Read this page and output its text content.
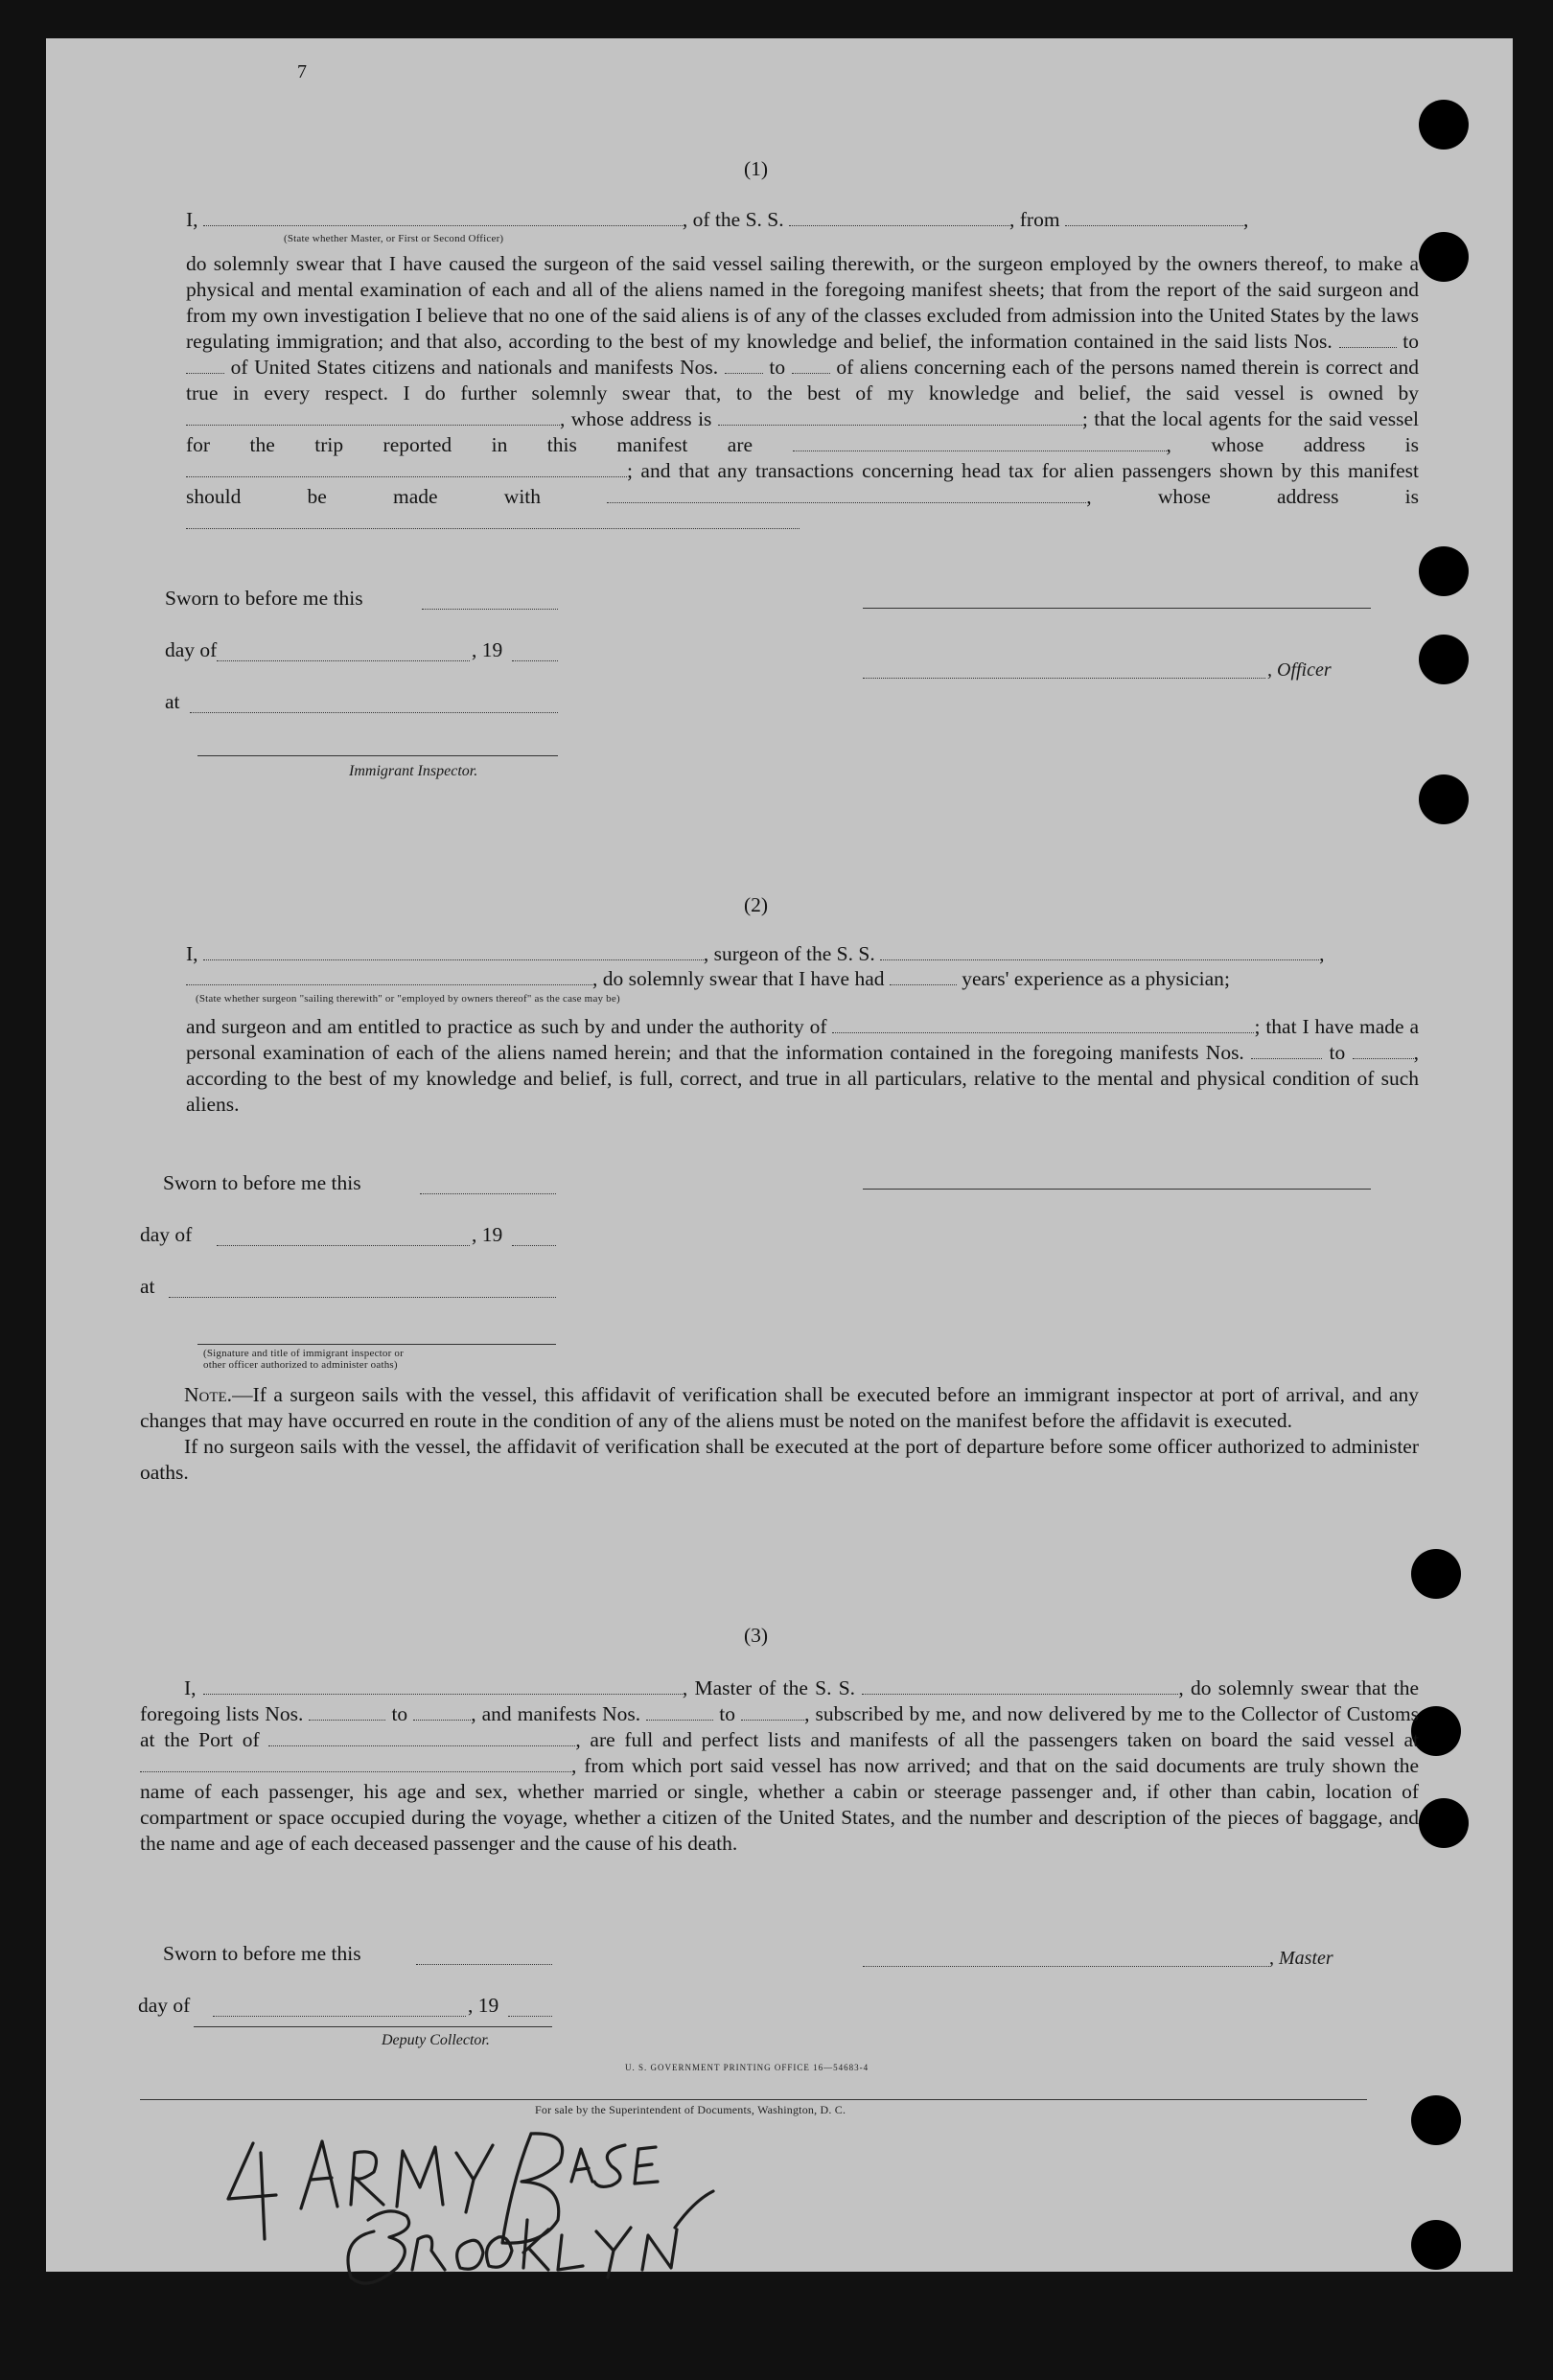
7
(1)
I,	, of the S. S.	, from	,
(State whether Master, or First or Second Officer)

do solemnly swear that I have caused the surgeon of the said vessel sailing therewith, or the surgeon employed by the owners thereof, to make a physical and mental examination of each and all of the aliens named in the foregoing manifest sheets; that from the report of the said surgeon and from my own investigation I believe that no one of the said aliens is of any of the classes excluded from admission into the United States by the laws regulating immigration; and that also, according to the best of my knowledge and belief, the information contained in the said lists Nos.	to  of United States citizens and nationals and manifests Nos. to of aliens concerning each of the persons named therein is correct and true in every respect. I do further solemnly swear that, to the best of my knowledge and belief, the said vessel is owned by , whose address is	; that the local agents for the said vessel for the trip reported in this manifest are	, whose address is ; and that any transactions concerning head tax for alien passengers shown by this manifest should be made with	, whose address is

Sworn to before me this
day of	, 19
, Officer
at
Immigrant Inspector.
(2)
I,	, surgeon of the S. S.	,
, do solemnly swear that I have had	years' experience as a physician;
(State whether surgeon "sailing therewith" or "employed by owners thereof" as the case may be)

and surgeon and am entitled to practice as such by and under the authority of	; that I have made a personal examination of each of the aliens named herein; and that the information contained in the foregoing manifests Nos.	to	, according to the best of my knowledge and belief, is full, correct, and true in all particulars, relative to the mental and physical condition of such aliens.

Sworn to before me this
day of	, 19
at
(Signature and title of immigrant inspector or
other officer authorized to administer oaths)

Note.—If a surgeon sails with the vessel, this affidavit of verification shall be executed before an immigrant inspector at port of arrival, and any changes that may have occurred en route in the condition of any of the aliens must be noted on the manifest before the affidavit is executed.

If no surgeon sails with the vessel, the affidavit of verification shall be executed at the port of departure before some officer authorized to administer oaths.

(3)

I,	, Master of the S. S.	, do solemnly swear that the foregoing lists Nos.	to	, and manifests Nos.	to	, subscribed by me, and now delivered by me to the Collector of Customs at the Port of	, are full and perfect lists and manifests of all the passengers taken on board the said vessel at , from which port said vessel has now arrived; and that on the said documents are truly shown the name of each passenger, his age and sex, whether married or single, whether a cabin or steerage passenger and, if other than cabin, location of compartment or space occupied during the voyage, whether a citizen of the United States, and the number and description of the pieces of baggage, and the name and age of each deceased passenger and the cause of his death.

Sworn to before me this	, Master
day of	, 19
Deputy Collector.
U. S. GOVERNMENT PRINTING OFFICE 16—54683-4
For sale by the Superintendent of Documents, Washington, D. C.
